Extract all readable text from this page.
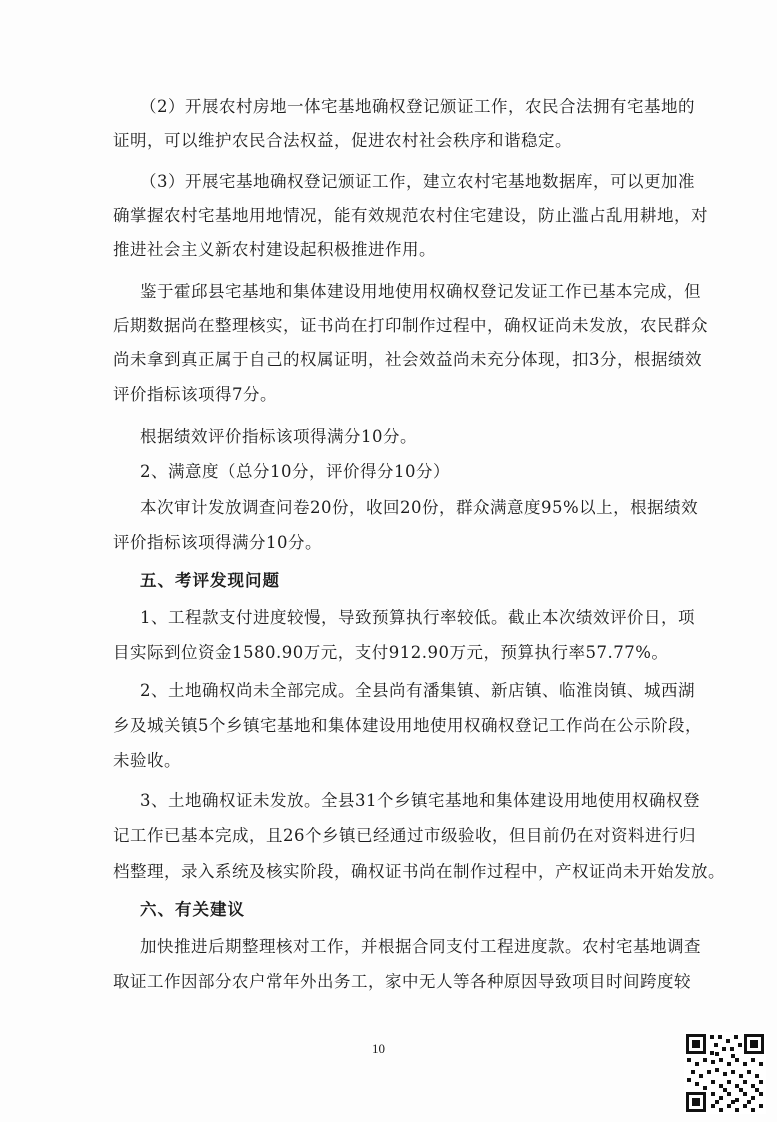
（2）开展农村房地一体宅基地确权登记颁证工作，农民合法拥有宅基地的
证明，可以维护农民合法权益，促进农村社会秩序和谐稳定。
（3）开展宅基地确权登记颁证工作，建立农村宅基地数据库，可以更加准
确掌握农村宅基地用地情况，能有效规范农村住宅建设，防止滥占乱用耕地，对
推进社会主义新农村建设起积极推进作用。
鉴于霍邱县宅基地和集体建设用地使用权确权登记发证工作已基本完成，但
后期数据尚在整理核实，证书尚在打印制作过程中，确权证尚未发放，农民群众
尚未拿到真正属于自己的权属证明，社会效益尚未充分体现，扣3分，根据绩效
评价指标该项得7分。
根据绩效评价指标该项得满分10分。
2、满意度（总分10分，评价得分10分）
本次审计发放调查问卷20份，收回20份，群众满意度95%以上，根据绩效
评价指标该项得满分10分。
五、考评发现问题
1、工程款支付进度较慢，导致预算执行率较低。截止本次绩效评价日，项
目实际到位资金1580.90万元，支付912.90万元，预算执行率57.77%。
2、土地确权尚未全部完成。全县尚有潘集镇、新店镇、临淮岗镇、城西湖
乡及城关镇5个乡镇宅基地和集体建设用地使用权确权登记工作尚在公示阶段，
未验收。
3、土地确权证未发放。全县31个乡镇宅基地和集体建设用地使用权确权登
记工作已基本完成，且26个乡镇已经通过市级验收，但目前仍在对资料进行归
档整理，录入系统及核实阶段，确权证书尚在制作过程中，产权证尚未开始发放。
六、有关建议
加快推进后期整理核对工作，并根据合同支付工程进度款。农村宅基地调查
取证工作因部分农户常年外出务工，家中无人等各种原因导致项目时间跨度较
10
